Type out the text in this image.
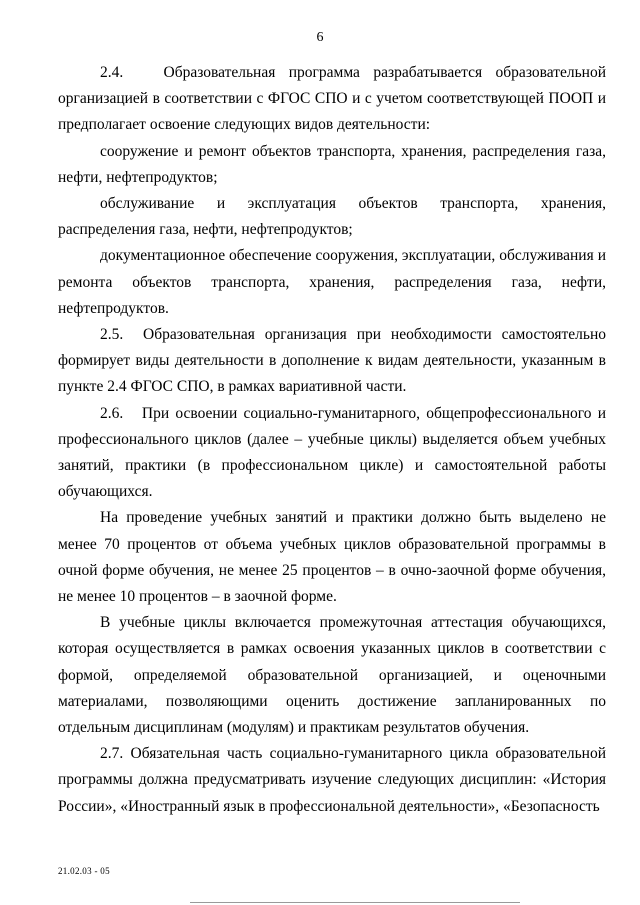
6

2.4.   Образовательная программа разрабатывается образовательной организацией в соответствии с ФГОС СПО и с учетом соответствующей ПООП и предполагает освоение следующих видов деятельности:

сооружение и ремонт объектов транспорта, хранения, распределения газа, нефти, нефтепродуктов;

обслуживание и эксплуатация объектов транспорта, хранения, распределения газа, нефти, нефтепродуктов;

документационное обеспечение сооружения, эксплуатации, обслуживания и ремонта объектов транспорта, хранения, распределения газа, нефти, нефтепродуктов.

2.5.  Образовательная организация при необходимости самостоятельно формирует виды деятельности в дополнение к видам деятельности, указанным в пункте 2.4 ФГОС СПО, в рамках вариативной части.

2.6.   При освоении социально-гуманитарного, общепрофессионального и профессионального циклов (далее – учебные циклы) выделяется объем учебных занятий, практики (в профессиональном цикле) и самостоятельной работы обучающихся.

На проведение учебных занятий и практики должно быть выделено не менее 70 процентов от объема учебных циклов образовательной программы в очной форме обучения, не менее 25 процентов – в очно-заочной форме обучения, не менее 10 процентов – в заочной форме.

В учебные циклы включается промежуточная аттестация обучающихся, которая осуществляется в рамках освоения указанных циклов в соответствии с формой, определяемой образовательной организацией, и оценочными материалами, позволяющими оценить достижение запланированных по отдельным дисциплинам (модулям) и практикам результатов обучения.

2.7. Обязательная часть социально-гуманитарного цикла образовательной программы должна предусматривать изучение следующих дисциплин: «История России», «Иностранный язык в профессиональной деятельности», «Безопасность

21.02.03 - 05
